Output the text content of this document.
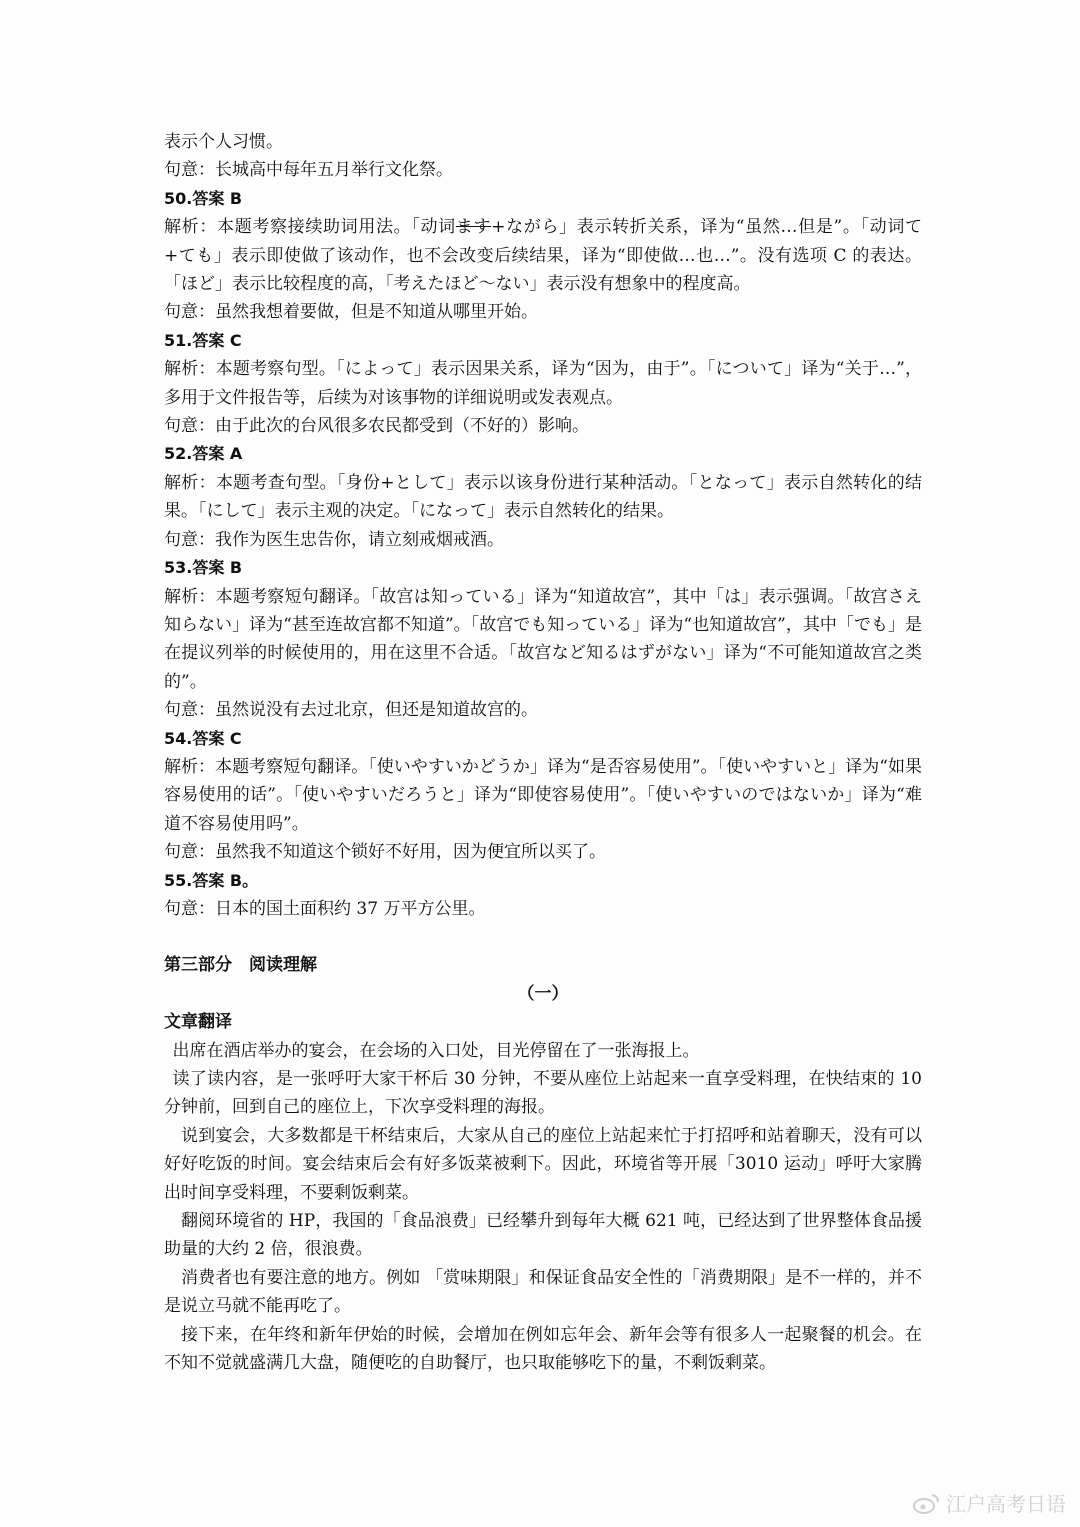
表示个人习惯。

句意：长城高中每年五月举行文化祭。

50.答案 B

解析：本题考察接续助词用法。「动词ます+ながら」表示转折关系，译为“虽然…但是”。「动词て+ても」表示即使做了该动作，也不会改变后续结果，译为“即使做…也…”。没有选项 C 的表达。「ほど」表示比较程度的高，「考えたほど～ない」表示没有想象中的程度高。

句意：虽然我想着要做，但是不知道从哪里开始。

51.答案 C

解析：本题考察句型。「によって」表示因果关系，译为“因为，由于”。「について」译为“关于…”，多用于文件报告等，后续为对该事物的详细说明或发表观点。

句意：由于此次的台风很多农民都受到（不好的）影响。

52.答案 A

解析：本题考查句型。「身份+として」表示以该身份进行某种活动。「となって」表示自然转化的结果。「にして」表示主观的决定。「になって」表示自然转化的结果。

句意：我作为医生忠告你，请立刻戒烟戒酒。

53.答案 B

解析：本题考察短句翻译。「故宫は知っている」译为“知道故宫”，其中「は」表示强调。「故宫さえ知らない」译为“甚至连故宫都不知道”。「故宫でも知っている」译为“也知道故宫”，其中「でも」是在提议列举的时候使用的，用在这里不合适。「故宫など知るはずがない」译为“不可能知道故宫之类的”。

句意：虽然说没有去过北京，但还是知道故宫的。

54.答案 C

解析：本题考察短句翻译。「使いやすいかどうか」译为“是否容易使用”。「使いやすいと」译为“如果容易使用的话”。「使いやすいだろうと」译为“即使容易使用”。「使いやすいのではないか」译为“难道不容易使用吗”。

句意：虽然我不知道这个锁好不好用，因为便宜所以买了。

55.答案 B。

句意：日本的国土面积约 37 万平方公里。

第三部分　阅读理解

（一）

文章翻译

出席在酒店举办的宴会，在会场的入口处，目光停留在了一张海报上。

读了读内容，是一张呼吁大家干杯后 30 分钟，不要从座位上站起来一直享受料理，在快结束的 10 分钟前，回到自己的座位上，下次享受料理的海报。

说到宴会，大多数都是干杯结束后，大家从自己的座位上站起来忙于打招呼和站着聊天，没有可以好好吃饭的时间。宴会结束后会有好多饭菜被剩下。因此，环境省等开展「3010 运动」呼吁大家腾出时间享受料理，不要剩饭剩菜。

翻阅环境省的 HP，我国的「食品浪费」已经攀升到每年大概 621 吨，已经达到了世界整体食品援助量的大约 2 倍，很浪费。

消费者也有要注意的地方。例如 「赏味期限」和保证食品安全性的「消费期限」是不一样的，并不是说立马就不能再吃了。

接下来，在年终和新年伊始的时候，会增加在例如忘年会、新年会等有很多人一起聚餐的机会。在不知不觉就盛满几大盘，随便吃的自助餐厅，也只取能够吃下的量，不剩饭剩菜。

江户高考日语
